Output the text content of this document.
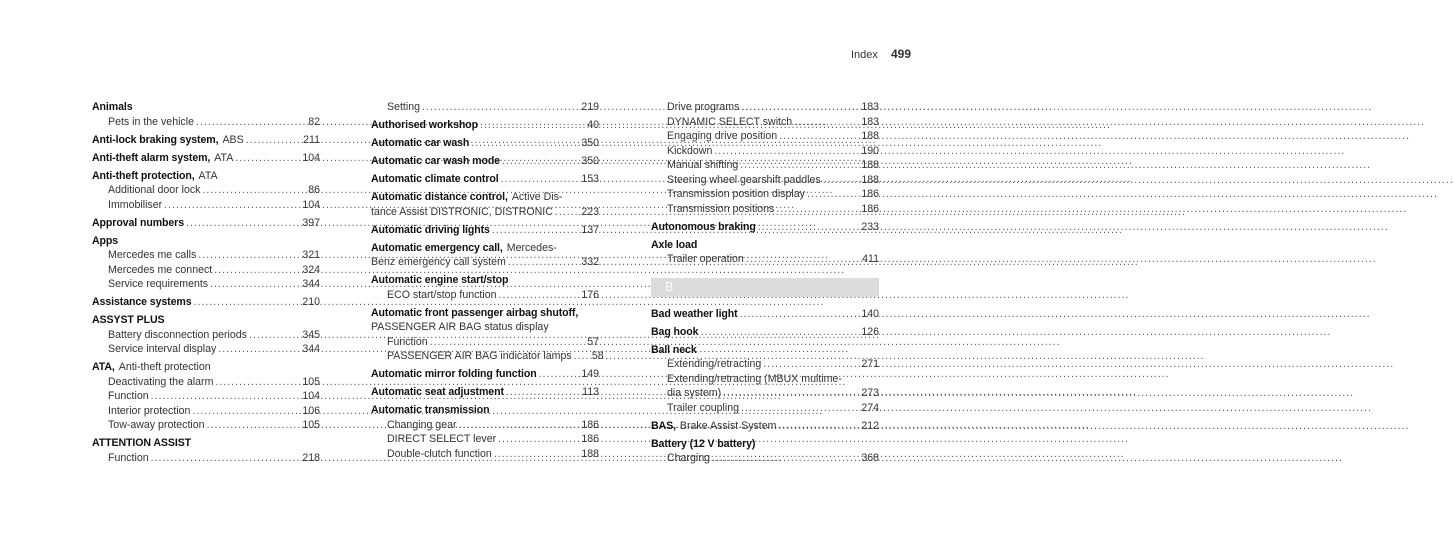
Index 499
Animals
Pets in the vehicle .....	82
Anti-lock braking system, ABS .....	211
Anti-theft alarm system, ATA .....	104
Anti-theft protection, ATA
Additional door lock .....	86
Immobiliser .....	104
Approval numbers .....	397
Apps
Mercedes me calls .....	321
Mercedes me connect .....	324
Service requirements .....	344
Assistance systems .....	210
ASSYST PLUS
Battery disconnection periods .....	345
Service interval display .....	344
ATA, Anti-theft protection
Deactivating the alarm .....	105
Function .....	104
Interior protection .....	106
Tow-away protection .....	105
ATTENTION ASSIST
Function .....	218
Setting .....	219
Authorised workshop .....	40
Automatic car wash .....	350
Automatic car wash mode .....	350
Automatic climate control .....	153
Automatic distance control, Active Dis-
tance Assist DISTRONIC, DISTRONIC .....	223
Automatic driving lights .....	137
Automatic emergency call, Mercedes-
Benz emergency call system .....	332
Automatic engine start/stop
ECO start/stop function .....	176
Automatic front passenger airbag shutoff,
PASSENGER AIR BAG status display
Function .....	57
PASSENGER AIR BAG indicator lamps .....	58
Automatic mirror folding function .....	149
Automatic seat adjustment .....	113
Automatic transmission
Changing gear .....	186
DIRECT SELECT lever .....	186
Double-clutch function .....	188
Drive programs .....	183
DYNAMIC SELECT switch .....	183
Engaging drive position .....	188
Kickdown .....	190
Manual shifting .....	188
Steering wheel gearshift paddles .....	188
Transmission position display .....	186
Transmission positions .....	186
Autonomous braking .....	233
Axle load
Trailer operation .....	411
B
Bad weather light .....	140
Bag hook .....	126
Ball neck
Extending/retracting .....	271
Extending/retracting (MBUX multime-
dia system) .....	273
Trailer coupling .....	274
BAS, Brake Assist System .....	212
Battery (12 V battery)
Charging .....	368
